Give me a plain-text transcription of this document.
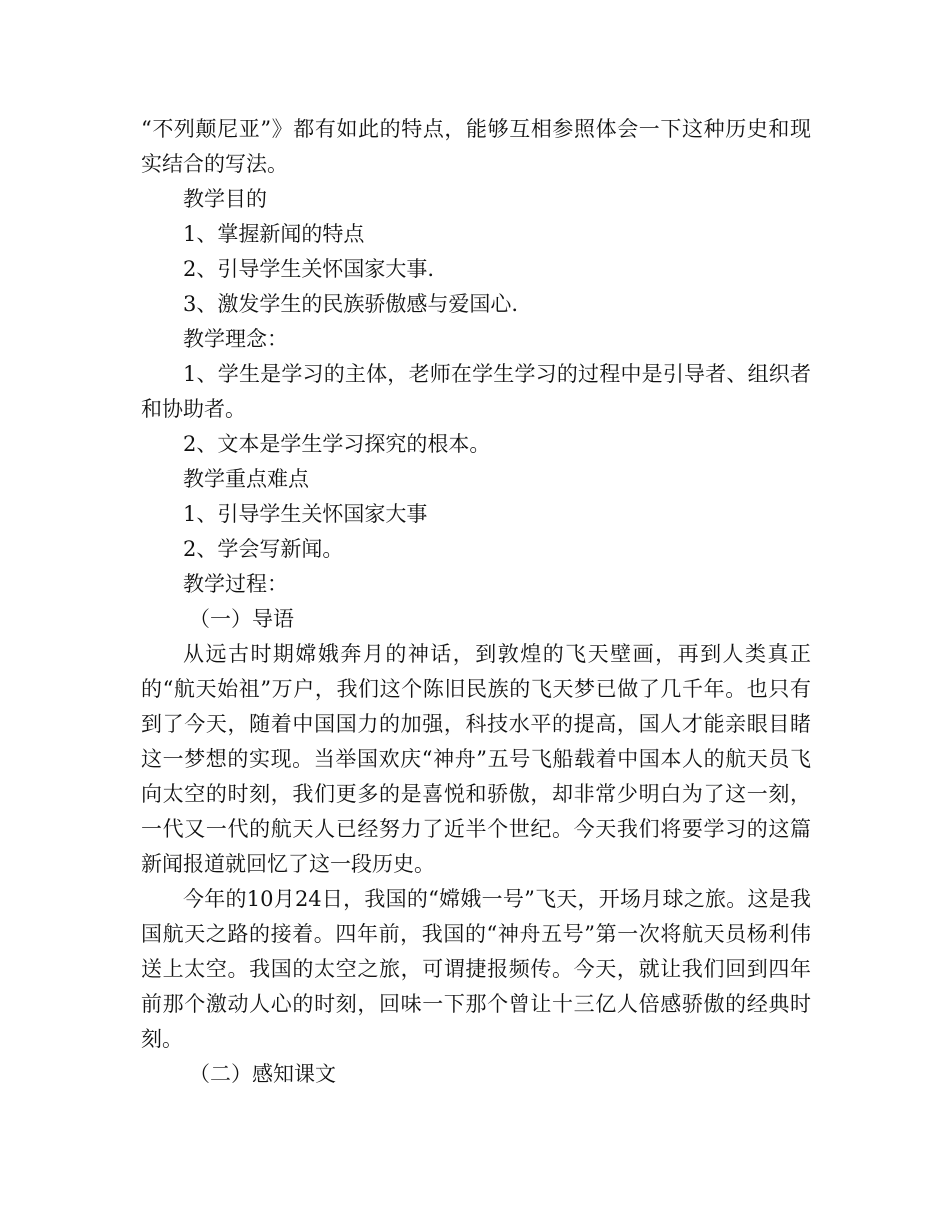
“不列颠尼亚”》都有如此的特点，能够互相参照体会一下这种历史和现实结合的写法。

教学目的

1、掌握新闻的特点

2、引导学生关怀国家大事.

3、激发学生的民族骄傲感与爱国心.

教学理念：

1、学生是学习的主体，老师在学生学习的过程中是引导者、组织者和协助者。

2、文本是学生学习探究的根本。

教学重点难点

1、引导学生关怀国家大事

2、学会写新闻。

教学过程：

（一）导语

从远古时期嫦娥奔月的神话，到敦煌的飞天壁画，再到人类真正的“航天始祖”万户，我们这个陈旧民族的飞天梦已做了几千年。也只有到了今天，随着中国国力的加强，科技水平的提高，国人才能亲眼目睹这一梦想的实现。当举国欢庆“神舟”五号飞船载着中国本人的航天员飞向太空的时刻，我们更多的是喜悦和骄傲，却非常少明白为了这一刻，一代又一代的航天人已经努力了近半个世纪。今天我们将要学习的这篇新闻报道就回忆了这一段历史。

今年的10月24日，我国的“嫦娥一号”飞天，开场月球之旅。这是我国航天之路的接着。四年前，我国的“神舟五号”第一次将航天员杨利伟送上太空。我国的太空之旅，可谓捷报频传。今天，就让我们回到四年前那个激动人心的时刻，回味一下那个曾让十三亿人倍感骄傲的经典时刻。

（二）感知课文
